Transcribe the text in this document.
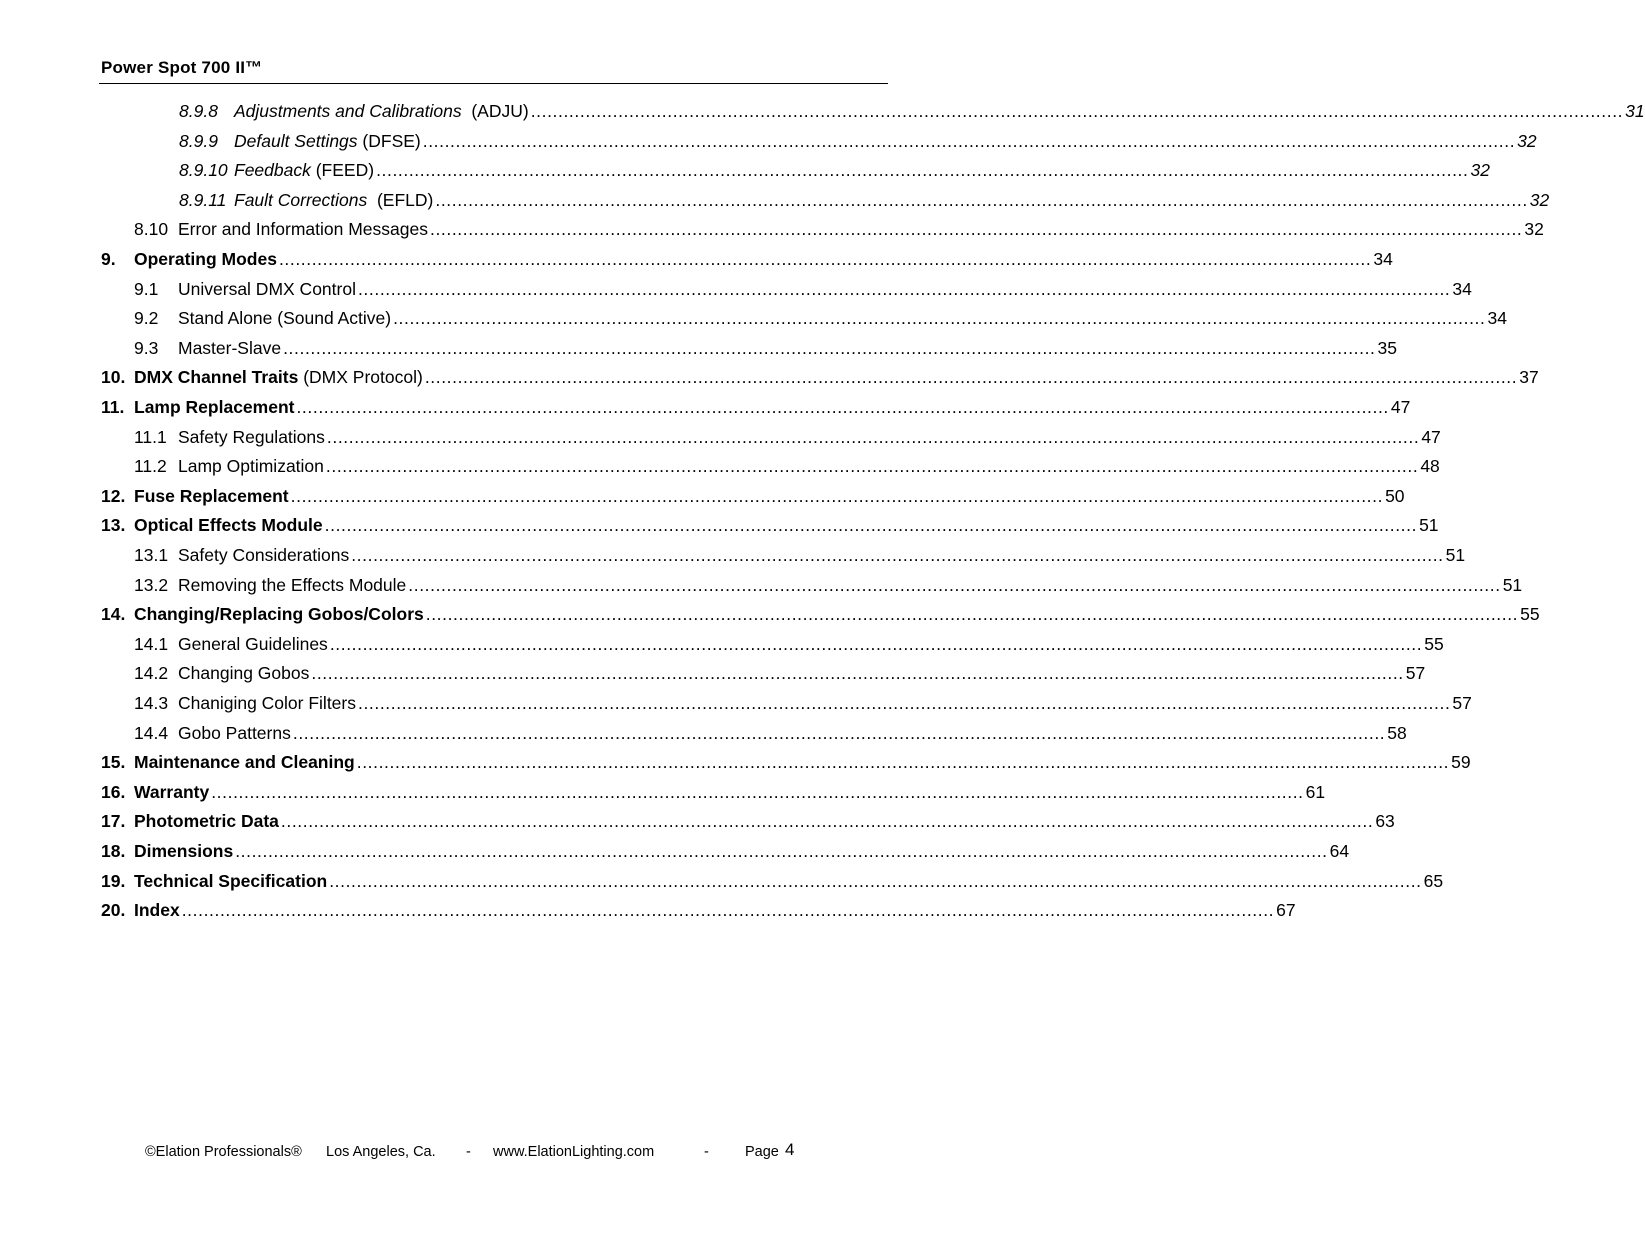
Power Spot 700 II™
8.9.8 Adjustments and Calibrations  (ADJU) ........................................................................................................................................................................................................ 31
8.9.9 Default Settings (DFSE) ........................................................................................................................................................................................................ 32
8.9.10 Feedback (FEED) ........................................................................................................................................................................................................ 32
8.9.11 Fault Corrections  (EFLD) ........................................................................................................................................................................................................ 32
8.10 Error and Information Messages ........................................................................................................................................................................................................ 32
9. Operating Modes ........................................................................................................................................................................................................ 34
9.1 Universal DMX Control ........................................................................................................................................................................................................ 34
9.2 Stand Alone (Sound Active) ........................................................................................................................................................................................................ 34
9.3 Master-Slave ........................................................................................................................................................................................................ 35
10. DMX Channel Traits (DMX Protocol) ........................................................................................................................................................................................................ 37
11. Lamp Replacement ........................................................................................................................................................................................................ 47
11.1 Safety Regulations ........................................................................................................................................................................................................ 47
11.2 Lamp Optimization ........................................................................................................................................................................................................ 48
12. Fuse Replacement ........................................................................................................................................................................................................ 50
13. Optical Effects Module ........................................................................................................................................................................................................ 51
13.1 Safety Considerations ........................................................................................................................................................................................................ 51
13.2 Removing the Effects Module ........................................................................................................................................................................................................ 51
14. Changing/Replacing Gobos/Colors ........................................................................................................................................................................................................ 55
14.1 General Guidelines ........................................................................................................................................................................................................ 55
14.2 Changing Gobos ........................................................................................................................................................................................................ 57
14.3 Chaniging Color Filters ........................................................................................................................................................................................................ 57
14.4 Gobo Patterns ........................................................................................................................................................................................................ 58
15. Maintenance and Cleaning ........................................................................................................................................................................................................ 59
16. Warranty ........................................................................................................................................................................................................ 61
17. Photometric Data ........................................................................................................................................................................................................ 63
18. Dimensions ........................................................................................................................................................................................................ 64
19. Technical Specification ........................................................................................................................................................................................................ 65
20. Index ........................................................................................................................................................................................................ 67
©Elation Professionals® Los Angeles, Ca. - www.ElationLighting.com	- Page 4
